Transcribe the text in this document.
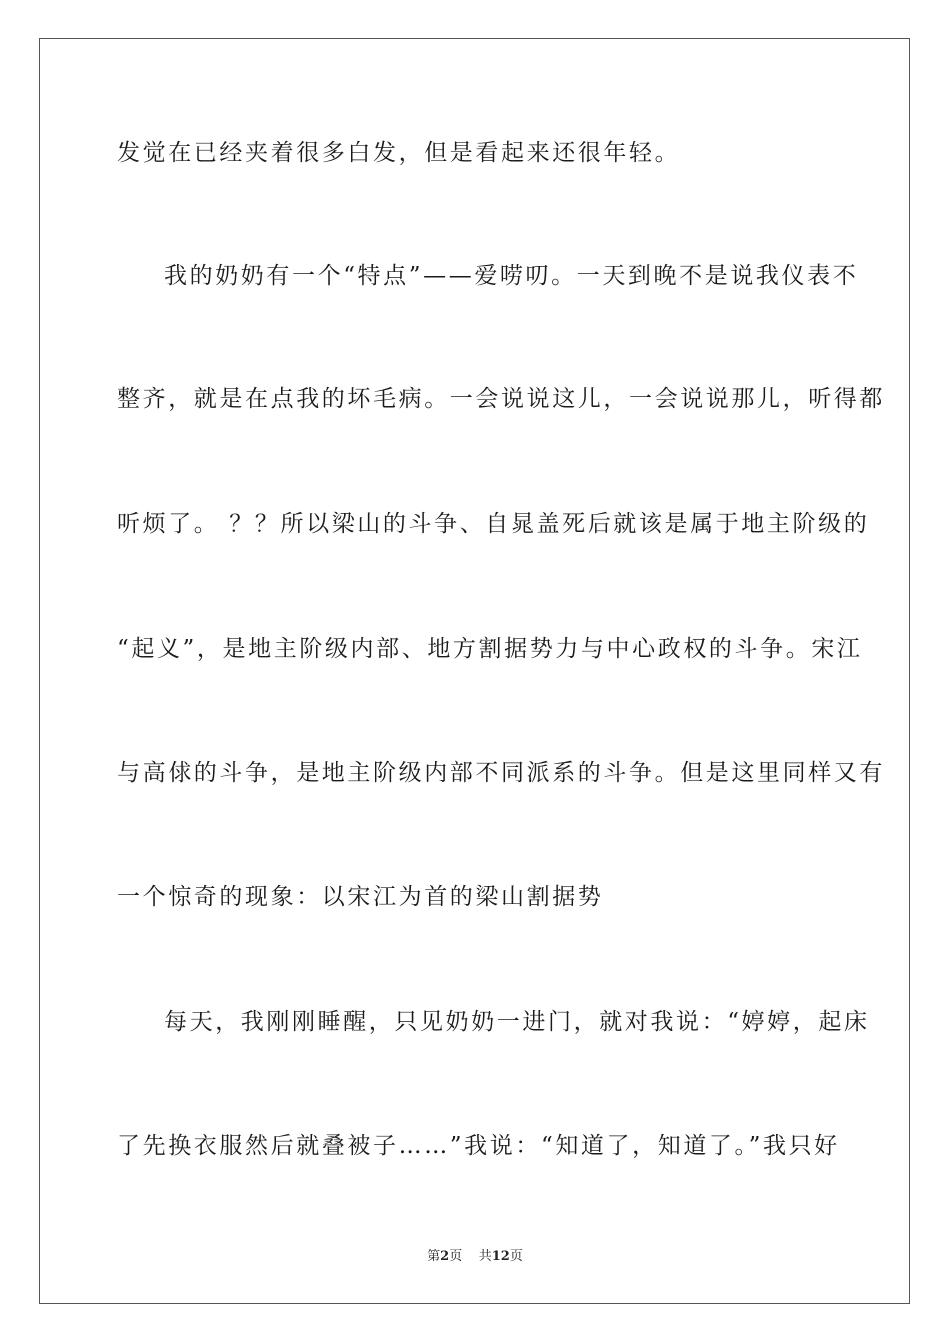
发觉在已经夹着很多白发，但是看起来还很年轻。
我的奶奶有一个“特点”——爱唠叨。一天到晚不是说我仪表不
整齐，就是在点我的坏毛病。一会说说这儿，一会说说那儿，听得都
听烦了。 ？？所以梁山的斗争、自晁盖死后就该是属于地主阶级的
“起义”，是地主阶级内部、地方割据势力与中心政权的斗争。宋江
与高俅的斗争，是地主阶级内部不同派系的斗争。但是这里同样又有
一个惊奇的现象：以宋江为首的梁山割据势
每天，我刚刚睡醒，只见奶奶一进门，就对我说：“婷婷，起床
了先换衣服然后就叠被子……”我说：“知道了，知道了。”我只好
第2页 共12页
